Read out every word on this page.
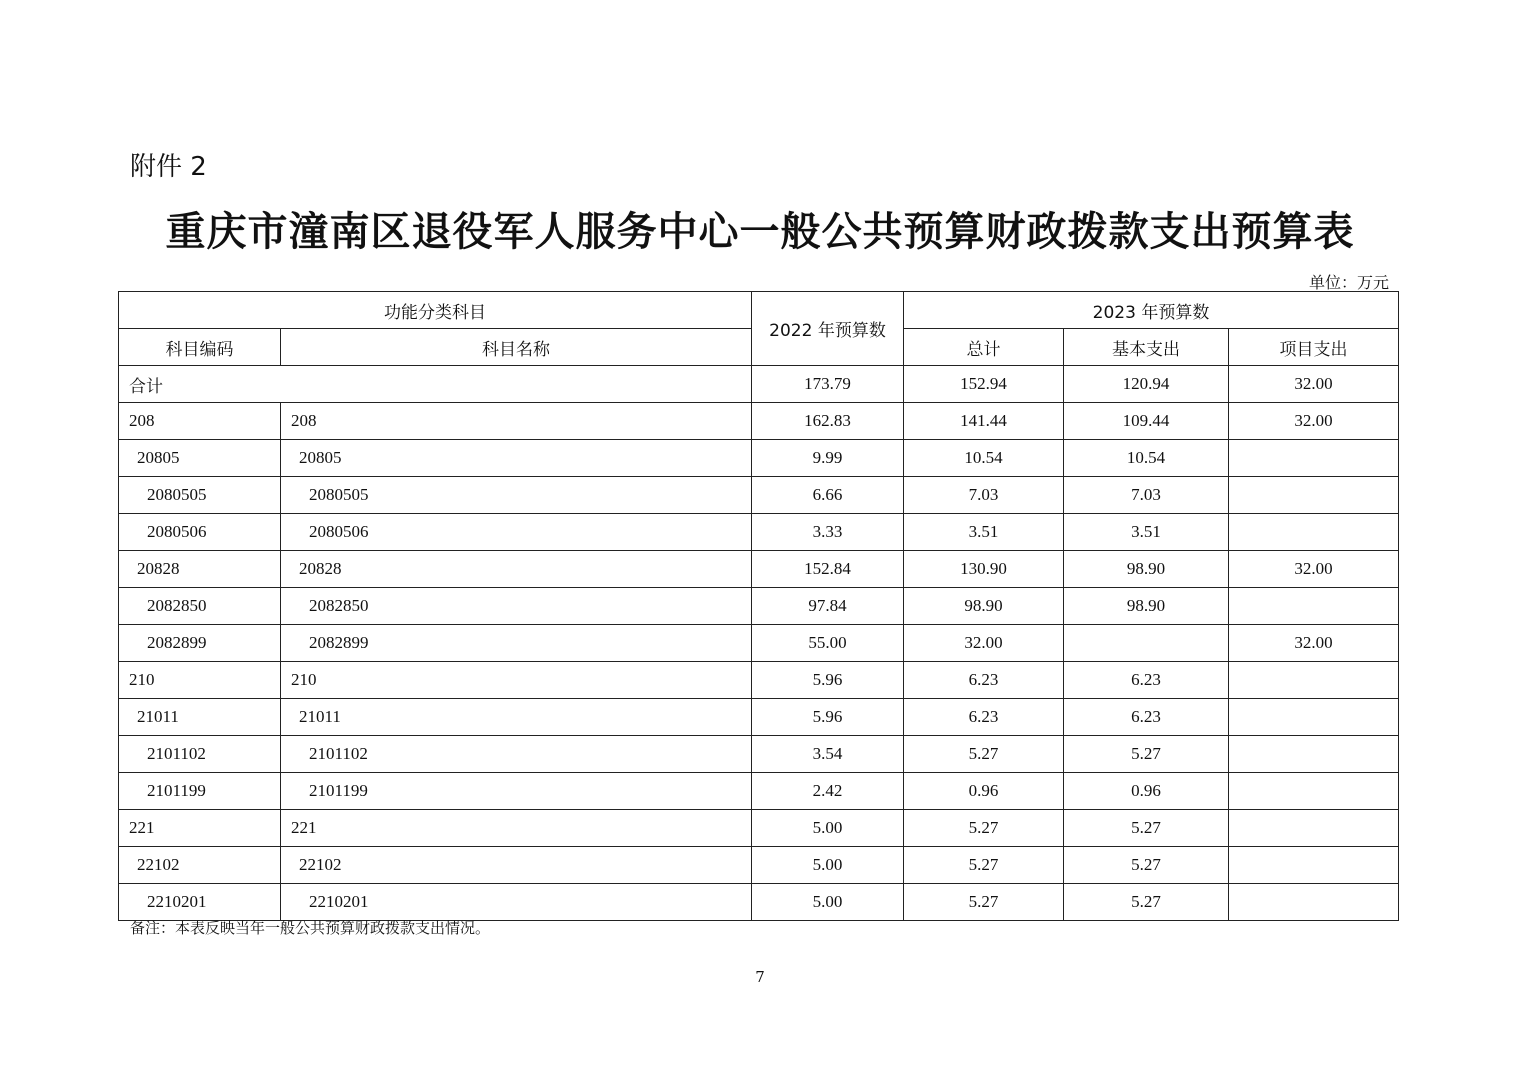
附件 2
重庆市潼南区退役军人服务中心一般公共预算财政拨款支出预算表
单位：万元
功能分类科目		2022 年预算数	2023 年预算数		
科目编码	科目名称		总计	基本支出	项目支出
合计		173.79	152.94	120.94	32.00
208	208	162.83	141.44	109.44	32.00
20805	20805	9.99	10.54	10.54	
2080505	2080505	6.66	7.03	7.03	
2080506	2080506	3.33	3.51	3.51	
20828	20828	152.84	130.90	98.90	32.00
2082850	2082850	97.84	98.90	98.90	
2082899	2082899	55.00	32.00		32.00
210	210	5.96	6.23	6.23	
21011	21011	5.96	6.23	6.23	
2101102	2101102	3.54	5.27	5.27	
2101199	2101199	2.42	0.96	0.96	
221	221	5.00	5.27	5.27	
22102	22102	5.00	5.27	5.27	
2210201	2210201	5.00	5.27	5.27	
备注：本表反映当年一般公共预算财政拨款支出情况。
7
